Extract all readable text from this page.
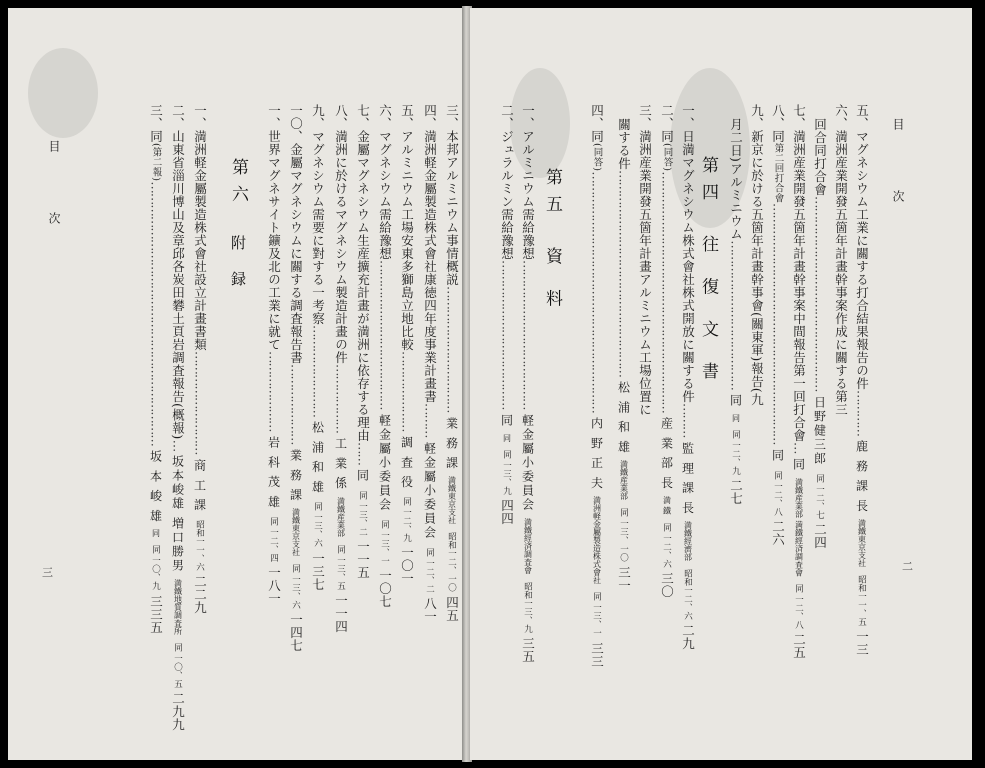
目 次
三
第六 附 録
一、世界マグネサイト鑛及北の工業に就て…………………岩 科 茂 雄同 一二、四一八一
一〇、金屬マグネシウムに關する調査報告書…………………業 務 課満鐵東京支社同 一三、六一四七
九、マグネシウム需要に對する一考察……………………松 浦 和 雄同 一三、六一三七
八、満洲に於けるマグネシウム製造計畫の件………………工 業 係満鐵産業部同 一三、五一一四
七、金屬マグネシウム生産擴充計畫が満洲に依存する理由……同同 一三、二一一五
六、マグネシウム需給豫想…………………………………軽金屬小委員会同 一三、一一〇七
五、アルミニウム工場安東多獅島立地比較…………………調 査 役同 一二、九一〇一
四、満洲軽金屬製造株式會社康徳四年度事業計畫書………軽金屬小委員会同 一二、二八一
三、本邦アルミニウム事情概説……………………………業 務 課満鐵東京支社昭和一二、一〇四五
一、満洲軽金屬製造株式會社設立計畫書類………………………商 工 課昭和一一、六二二九
二、山東省淄川博山及章邱各炭田礬土頁岩調査報告(概報)…坂本峻雄 増口勝男満鐵地質調査所同 一〇、五二九九
三、同(第二報)……………………………………………………………坂 本 峻 雄同同 一〇、九三三五
目 次
二
第四 往 復 文 書
第五 資 料
五、マグネシウム工業に關する打合結果報告の件…………鹿 務 課 長満鐵東京支社昭和一一、五一三
六、満洲産業開發五箇年計畫幹事案作成に關する第三
回合同打合會……………………………………………日野健三郎同 一二、七二四
七、満洲産業開發五箇年計畫幹事案中間報告第一回打合會…同満鐵産業部 満鐵經済調査會同 一二、八二五
八、同第二回打合會………………………………………………………同同 一二、八二六
九、新京に於ける五箇年計畫幹事會(關東軍)報告(九
月二日)アルミニウム…………………………………同同同 一二、九二七
四、同(同答)………………………………………………………内 野 正 夫満洲軽金屬製造株式會社同 一三、一三三
三、満洲産業開發五箇年計畫アルミニウム工場位置に
關する件………………………………………………松 浦 和 雄満鐵産業部同 一三、一〇三一
二、同(同答)………………………………………………………産 業 部 長満 鐵同 一二、六三〇
一、日満マグネシウム株式會社株式開放に關する件………監 理 課 長満鐵經濟部昭和一二、六二九
一、アルミニウム需給豫想…………………………………軽金屬小委員会満鐵經済調査會昭和一三、九三五
二、ジュラルミン需給豫想…………………………………同同同 一三、九四四
